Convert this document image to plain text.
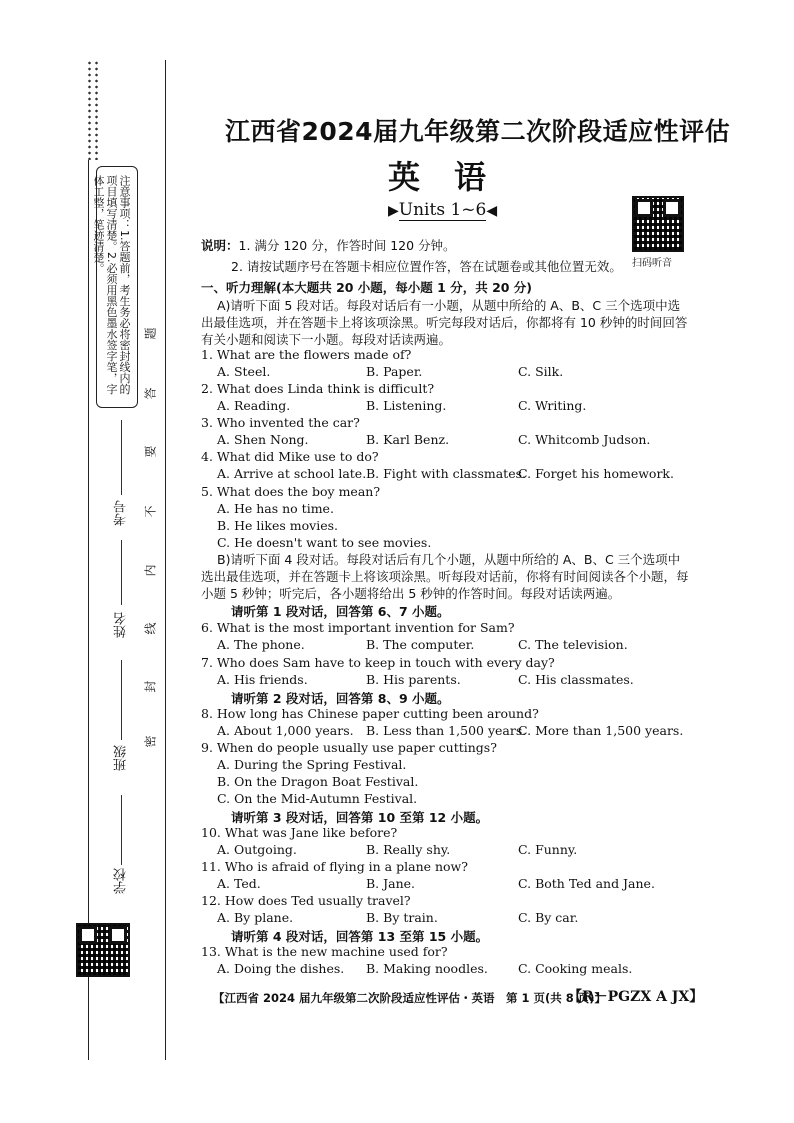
注意事项：1.答题前，考生务必将密封线内的项目填写清楚。2.必须用黑色墨水签字笔，字体工整，笔迹清楚。
考号
姓名
班级
学校
题
答
要
不
内
线
封
密
江西省2024届九年级第二次阶段适应性评估
英语
▶Units 1~6◀
扫码听音
说明：1. 满分 120 分，作答时间 120 分钟。
2. 请按试题序号在答题卡相应位置作答，答在试题卷或其他位置无效。
一、听力理解(本大题共 20 小题，每小题 1 分，共 20 分)
A)请听下面 5 段对话。每段对话后有一小题，从题中所给的 A、B、C 三个选项中选
出最佳选项，并在答题卡上将该项涂黑。听完每段对话后，你都将有 10 秒钟的时间回答
有关小题和阅读下一小题。每段对话读两遍。
1. What are the flowers made of?
A. Steel.	B. Paper.	C. Silk.
2. What does Linda think is difficult?
A. Reading.	B. Listening.	C. Writing.
3. Who invented the car?
A. Shen Nong.	B. Karl Benz.	C. Whitcomb Judson.
4. What did Mike use to do?
A. Arrive at school late. B. Fight with classmates.
C. Forget his homework.
5. What does the boy mean?
A. He has no time.
B. He likes movies.
C. He doesn't want to see movies.
B)请听下面 4 段对话。每段对话后有几个小题，从题中所给的 A、B、C 三个选项中
选出最佳选项，并在答题卡上将该项涂黑。听每段对话前，你将有时间阅读各个小题，每
小题 5 秒钟；听完后，各小题将给出 5 秒钟的作答时间。每段对话读两遍。
请听第 1 段对话，回答第 6、7 小题。
6. What is the most important invention for Sam?
A. The phone.	B. The computer.	C. The television.
7. Who does Sam have to keep in touch with every day?
A. His friends.	B. His parents.	C. His classmates.
请听第 2 段对话，回答第 8、9 小题。
8. How long has Chinese paper cutting been around?
A. About 1,000 years. B. Less than 1,500 years.
C. More than 1,500 years.
9. When do people usually use paper cuttings?
A. During the Spring Festival.
B. On the Dragon Boat Festival.
C. On the Mid-Autumn Festival.
请听第 3 段对话，回答第 10 至第 12 小题。
10. What was Jane like before?
A. Outgoing.	B. Really shy.	C. Funny.
11. Who is afraid of flying in a plane now?
A. Ted.	B. Jane.	C. Both Ted and Jane.
12. How does Ted usually travel?
A. By plane.	B. By train.	C. By car.
请听第 4 段对话，回答第 13 至第 15 小题。
13. What is the new machine used for?
A. Doing the dishes. B. Making noodles. C. Cooking meals.
【江西省 2024 届九年级第二次阶段适应性评估・英语　第 1 页(共 8 页)】
【R－PGZX A JX】
